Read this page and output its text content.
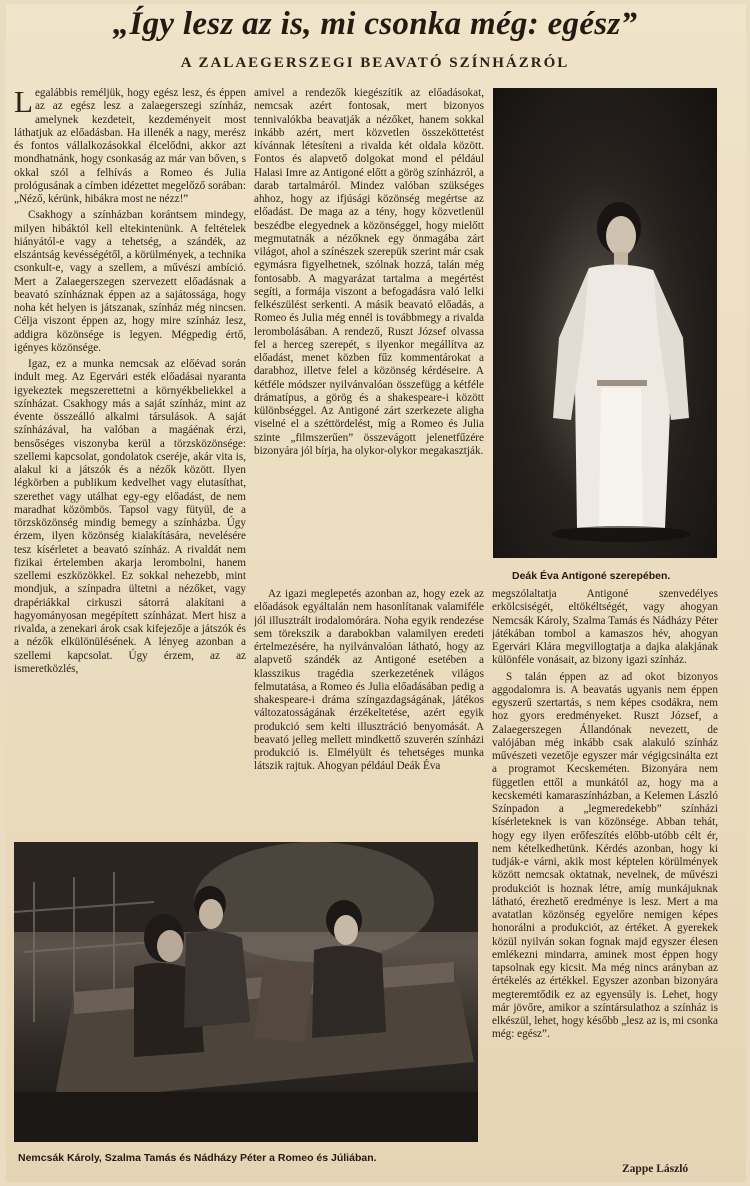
„Így lesz az is, mi csonka még: egész”
A ZALAEGERSZEGI BEAVATÓ SZÍNHÁZRÓL

Legalábbis reméljük, hogy egész lesz, és éppen az az egész lesz a zalaegerszegi színház, amelynek kezdeteit, kezdeményeit most láthatjuk az előadásban. Ha illenék a nagy, merész és fontos vállalkozásokkal élcelődni, akkor azt mondhatnánk, hogy csonkaság az már van bőven, s okkal szól a felhívás a Romeo és Julia prológusának a címben idézettet megelőző sorában: „Néző, kérünk, hibákra most ne nézz!”

Csakhogy a színházban korántsem mindegy, milyen hibáktól kell eltekintenünk. A feltételek hiányától-e vagy a tehetség, a szándék, az elszántság kevésségétől, a körülmények, a technika csonkult-e, vagy a szellem, a művészi ambíció. Mert a Zalaegerszegen szervezett előadásnak a beavató színháznak éppen az a sajátossága, hogy noha két helyen is játszanak, színház még nincsen. Célja viszont éppen az, hogy mire színház lesz, addigra közönsége is legyen. Mégpedig értő, igényes közönsége.

Igaz, ez a munka nemcsak az előévad során indult meg. Az Egervári esték előadásai nyaranta igyekeztek megszerettetni a környékbeliekkel a színházat. Csakhogy más a saját színház, mint az évente összeálló alkalmi társulások. A saját színházával, ha valóban a magáénak érzi, bensőséges viszonyba kerül a törzsközönsége: szellemi kapcsolat, gondolatok cseréje, akár vita is, alakul ki a játszók és a nézők között. Ilyen légkörben a publikum kedvelhet vagy elutasíthat, szerethet vagy utálhat egy-egy előadást, de nem maradhat közömbös. Tapsol vagy fütyül, de a törzsközönség mindig bemegy a színházba. Úgy érzem, ilyen közönség kialakítására, nevelésére tesz kísérletet a beavató színház. A rivaldát nem fizikai értelemben akarja lerombolni, hanem szellemi eszközökkel. Ez sokkal nehezebb, mint mondjuk, a színpadra ültetni a nézőket, vagy drapériákkal cirkuszi sátorrá alakítani a hagyományosan megépített színházat. Mert hisz a rivalda, a zenekari árok csak kifejezője a játszók és a nézők elkülönülésének. A lényeg azonban a szellemi kapcsolat. Úgy érzem, az az ismeretközlés,

amivel a rendezők kiegészítik az előadásokat, nemcsak azért fontosak, mert bizonyos tennivalókba beavatják a nézőket, hanem sokkal inkább azért, mert közvetlen összeköttetést kívánnak létesíteni a rivalda két oldala között. Fontos és alapvető dolgokat mond el például Halasi Imre az Antigoné előtt a görög színházról, a darab tartalmáról. Mindez valóban szükséges ahhoz, hogy az ifjúsági közönség megértse az előadást. De maga az a tény, hogy közvetlenül beszédbe elegyednek a közönséggel, hogy mielőtt megmutatnák a nézőknek egy önmagába zárt világot, ahol a színészek szerepük szerint már csak egymásra figyelhetnek, szólnak hozzá, talán még fontosabb. A magyarázat tartalma a megértést segíti, a formája viszont a befogadásra való lelki felkészülést serkenti. A másik beavató előadás, a Romeo és Julia még ennél is továbbmegy a rivalda lerombolásában. A rendező, Ruszt József olvassa fel a herceg szerepét, s ilyenkor megállítva az előadást, menet közben fűz kommentárokat a darabhoz, illetve felel a közönség kérdéseire. A kétféle módszer nyilvánvalóan összefügg a kétféle drámatípus, a görög és a shakespeare-i között különbséggel. Az Antigoné zárt szerkezete aligha viselné el a széttördelést, míg a Romeo és Julia szinte „filmszerűen” összevágott jelenetfűzére bizonyára jól bírja, ha olykor-olykor megakasztják.

Az igazi meglepetés azonban az, hogy ezek az előadások egyáltalán nem hasonlítanak valamiféle jól illusztrált irodalomórára. Noha egyik rendezése sem törekszik a darabokban valamilyen eredeti értelmezésére, ha nyilvánvalóan látható, hogy az alapvető szándék az Antigoné esetében a klasszikus tragédia szerkezetének világos felmutatása, a Romeo és Julia előadásában pedig a shakespeare-i dráma színgazdagságának, játékos változatosságának érzékeltetése, azért egyik produkció sem kelti illusztráció benyomását. A beavató jelleg mellett mindkettő szuverén színházi produkció is. Elmélyült és tehetséges munka látszik rajtuk. Ahogyan például Deák Éva

Deák Éva Antigoné szerepében.

megszólaltatja Antigoné szenvedélyes erkölcsiségét, eltökéltségét, vagy ahogyan Nemcsák Károly, Szalma Tamás és Nádházy Péter játékában tombol a kamaszos hév, ahogyan Egervári Klára megvillogtatja a dajka alakjának különféle vonásait, az bizony igazi színház.

S talán éppen az ad okot bizonyos aggodalomra is. A beavatás ugyanis nem éppen egyszerű szertartás, s nem képes csodákra, nem hoz gyors eredményeket. Ruszt József, a Zalaegerszegen Állandónak nevezett, de valójában még inkább csak alakuló színház művészeti vezetője egyszer már végigcsinálta ezt a programot Kecskeméten. Bizonyára nem független ettől a munkától az, hogy ma a kecskeméti kamaraszínházban, a Kelemen László Színpadon a „legmeredekebb” színházi kísérleteknek is van közönsége. Abban tehát, hogy egy ilyen erőfeszítés előbb-utóbb célt ér, nem kételkedhetünk. Kérdés azonban, hogy ki tudják-e várni, akik most képtelen körülmények között nemcsak oktatnak, nevelnek, de művészi produkciót is hoznak létre, amíg munkájuknak látható, érezhető eredménye is lesz. Mert a ma avatatlan közönség egyelőre nemigen képes honorálni a produkciót, az értéket. A gyerekek közül nyilván sokan fognak majd egyszer élesen emlékezni mindarra, aminek most éppen hogy tapsolnak egy kicsit. Ma még nincs arányban az értékelés az értékkel. Egyszer azonban bizonyára megteremtődik ez az egyensúly is. Lehet, hogy már jövőre, amikor a színtársulathoz a színház is elkészül, lehet, hogy később „lesz az is, mi csonka még: egész”.

Nemcsák Károly, Szalma Tamás és Nádházy Péter a Romeo és Júliában.
Zappe László
